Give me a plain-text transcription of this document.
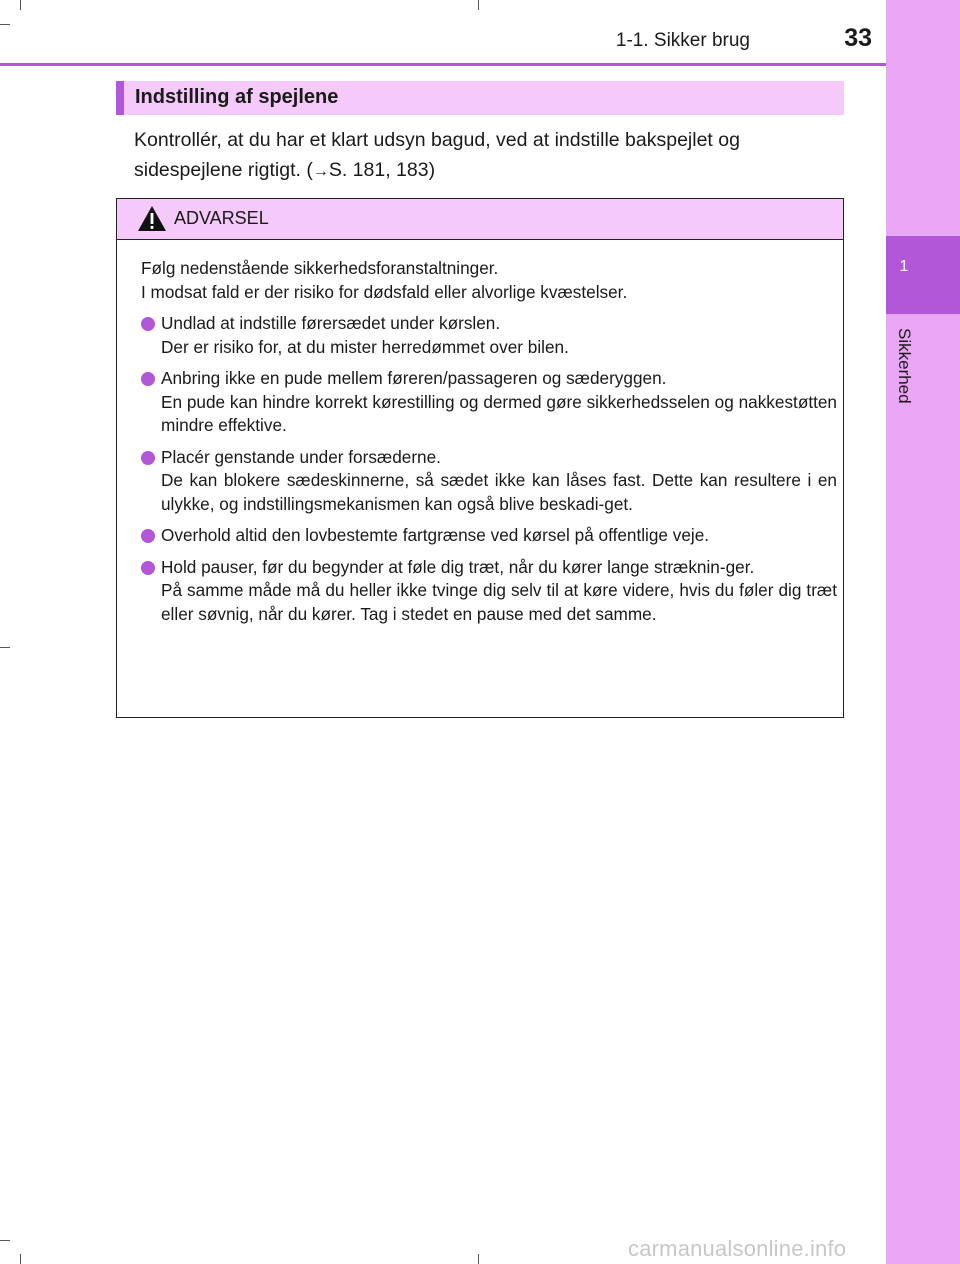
1
Sikkerhed
1-1. Sikker brug	33
Indstilling af spejlene
Kontrollér, at du har et klart udsyn bagud, ved at indstille bakspejlet og
sidespejlene rigtigt. (→S. 181, 183)
ADVARSEL

Følg nedenstående sikkerhedsforanstaltninger.
I modsat fald er der risiko for dødsfald eller alvorlige kvæstelser.

Undlad at indstille førersædet under kørslen.
Der er risiko for, at du mister herredømmet over bilen.
Anbring ikke en pude mellem føreren/passageren og sæderyggen.
En pude kan hindre korrekt kørestilling og dermed gøre sikkerhedsselen og nakkestøtten mindre effektive.
Placér genstande under forsæderne.
De kan blokere sædeskinnerne, så sædet ikke kan låses fast. Dette kan resultere i en ulykke, og indstillingsmekanismen kan også blive beskadi-get.
Overhold altid den lovbestemte fartgrænse ved kørsel på offentlige veje.
Hold pauser, før du begynder at føle dig træt, når du kører lange stræknin-ger.
På samme måde må du heller ikke tvinge dig selv til at køre videre, hvis du føler dig træt eller søvnig, når du kører. Tag i stedet en pause med det samme.
carmanualsonline.info
